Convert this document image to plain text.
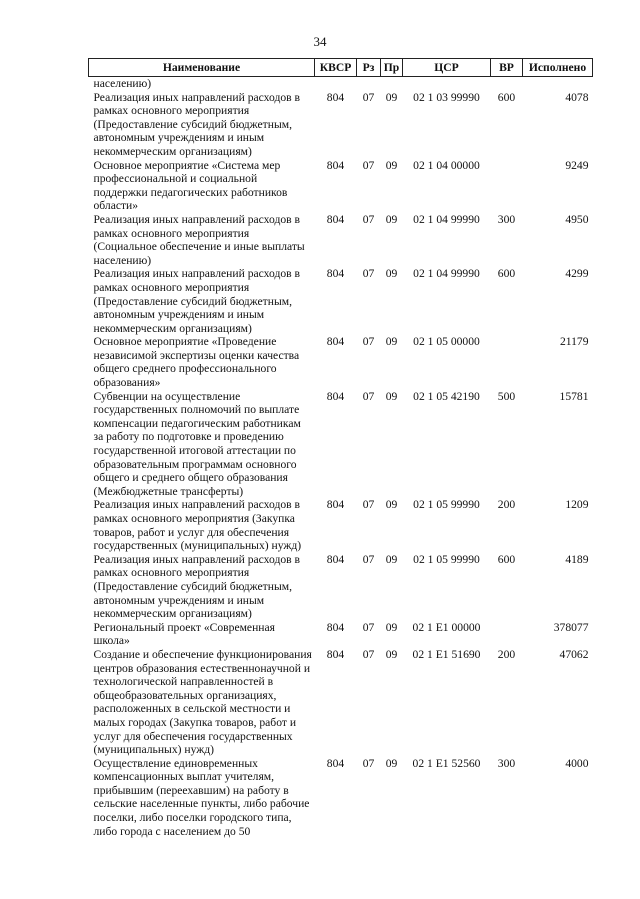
34
Наименование	КВСР	Рз	Пр	ЦСР	ВР	Исполнено
населению)						
Реализация иных направлений расходов в рамках основного мероприятия (Предоставление субсидий бюджетным, автономным учреждениям и иным некоммерческим организациям)	804	07	09	02 1 03 99990	600	4078
Основное мероприятие «Система мер профессиональной и социальной поддержки педагогических работников области»	804	07	09	02 1 04 00000		9249
Реализация иных направлений расходов в рамках основного мероприятия (Социальное обеспечение и иные выплаты населению)	804	07	09	02 1 04 99990	300	4950
Реализация иных направлений расходов в рамках основного мероприятия (Предоставление субсидий бюджетным, автономным учреждениям и иным некоммерческим организациям)	804	07	09	02 1 04 99990	600	4299
Основное мероприятие «Проведение независимой экспертизы оценки качества общего среднего профессионального образования»	804	07	09	02 1 05 00000		21179
Субвенции на осуществление государственных полномочий по выплате компенсации педагогическим работникам за работу по подготовке и проведению государственной итоговой аттестации по образовательным программам основного общего и среднего общего образования (Межбюджетные трансферты)	804	07	09	02 1 05 42190	500	15781
Реализация иных направлений расходов в рамках основного мероприятия (Закупка товаров, работ и услуг для обеспечения государственных (муниципальных) нужд)	804	07	09	02 1 05 99990	200	1209
Реализация иных направлений расходов в рамках основного мероприятия (Предоставление субсидий бюджетным, автономным учреждениям и иным некоммерческим организациям)	804	07	09	02 1 05 99990	600	4189
Региональный проект «Современная школа»	804	07	09	02 1 E1 00000		378077
Создание и обеспечение функционирования центров образования естественнонаучной и технологической направленностей в общеобразовательных организациях, расположенных в сельской местности и малых городах (Закупка товаров, работ и услуг для обеспечения государственных (муниципальных) нужд)	804	07	09	02 1 E1 51690	200	47062
Осуществление единовременных компенсационных выплат учителям, прибывшим (переехавшим) на работу в сельские населенные пункты, либо рабочие поселки, либо поселки городского типа, либо города с населением до 50	804	07	09	02 1 E1 52560	300	4000
